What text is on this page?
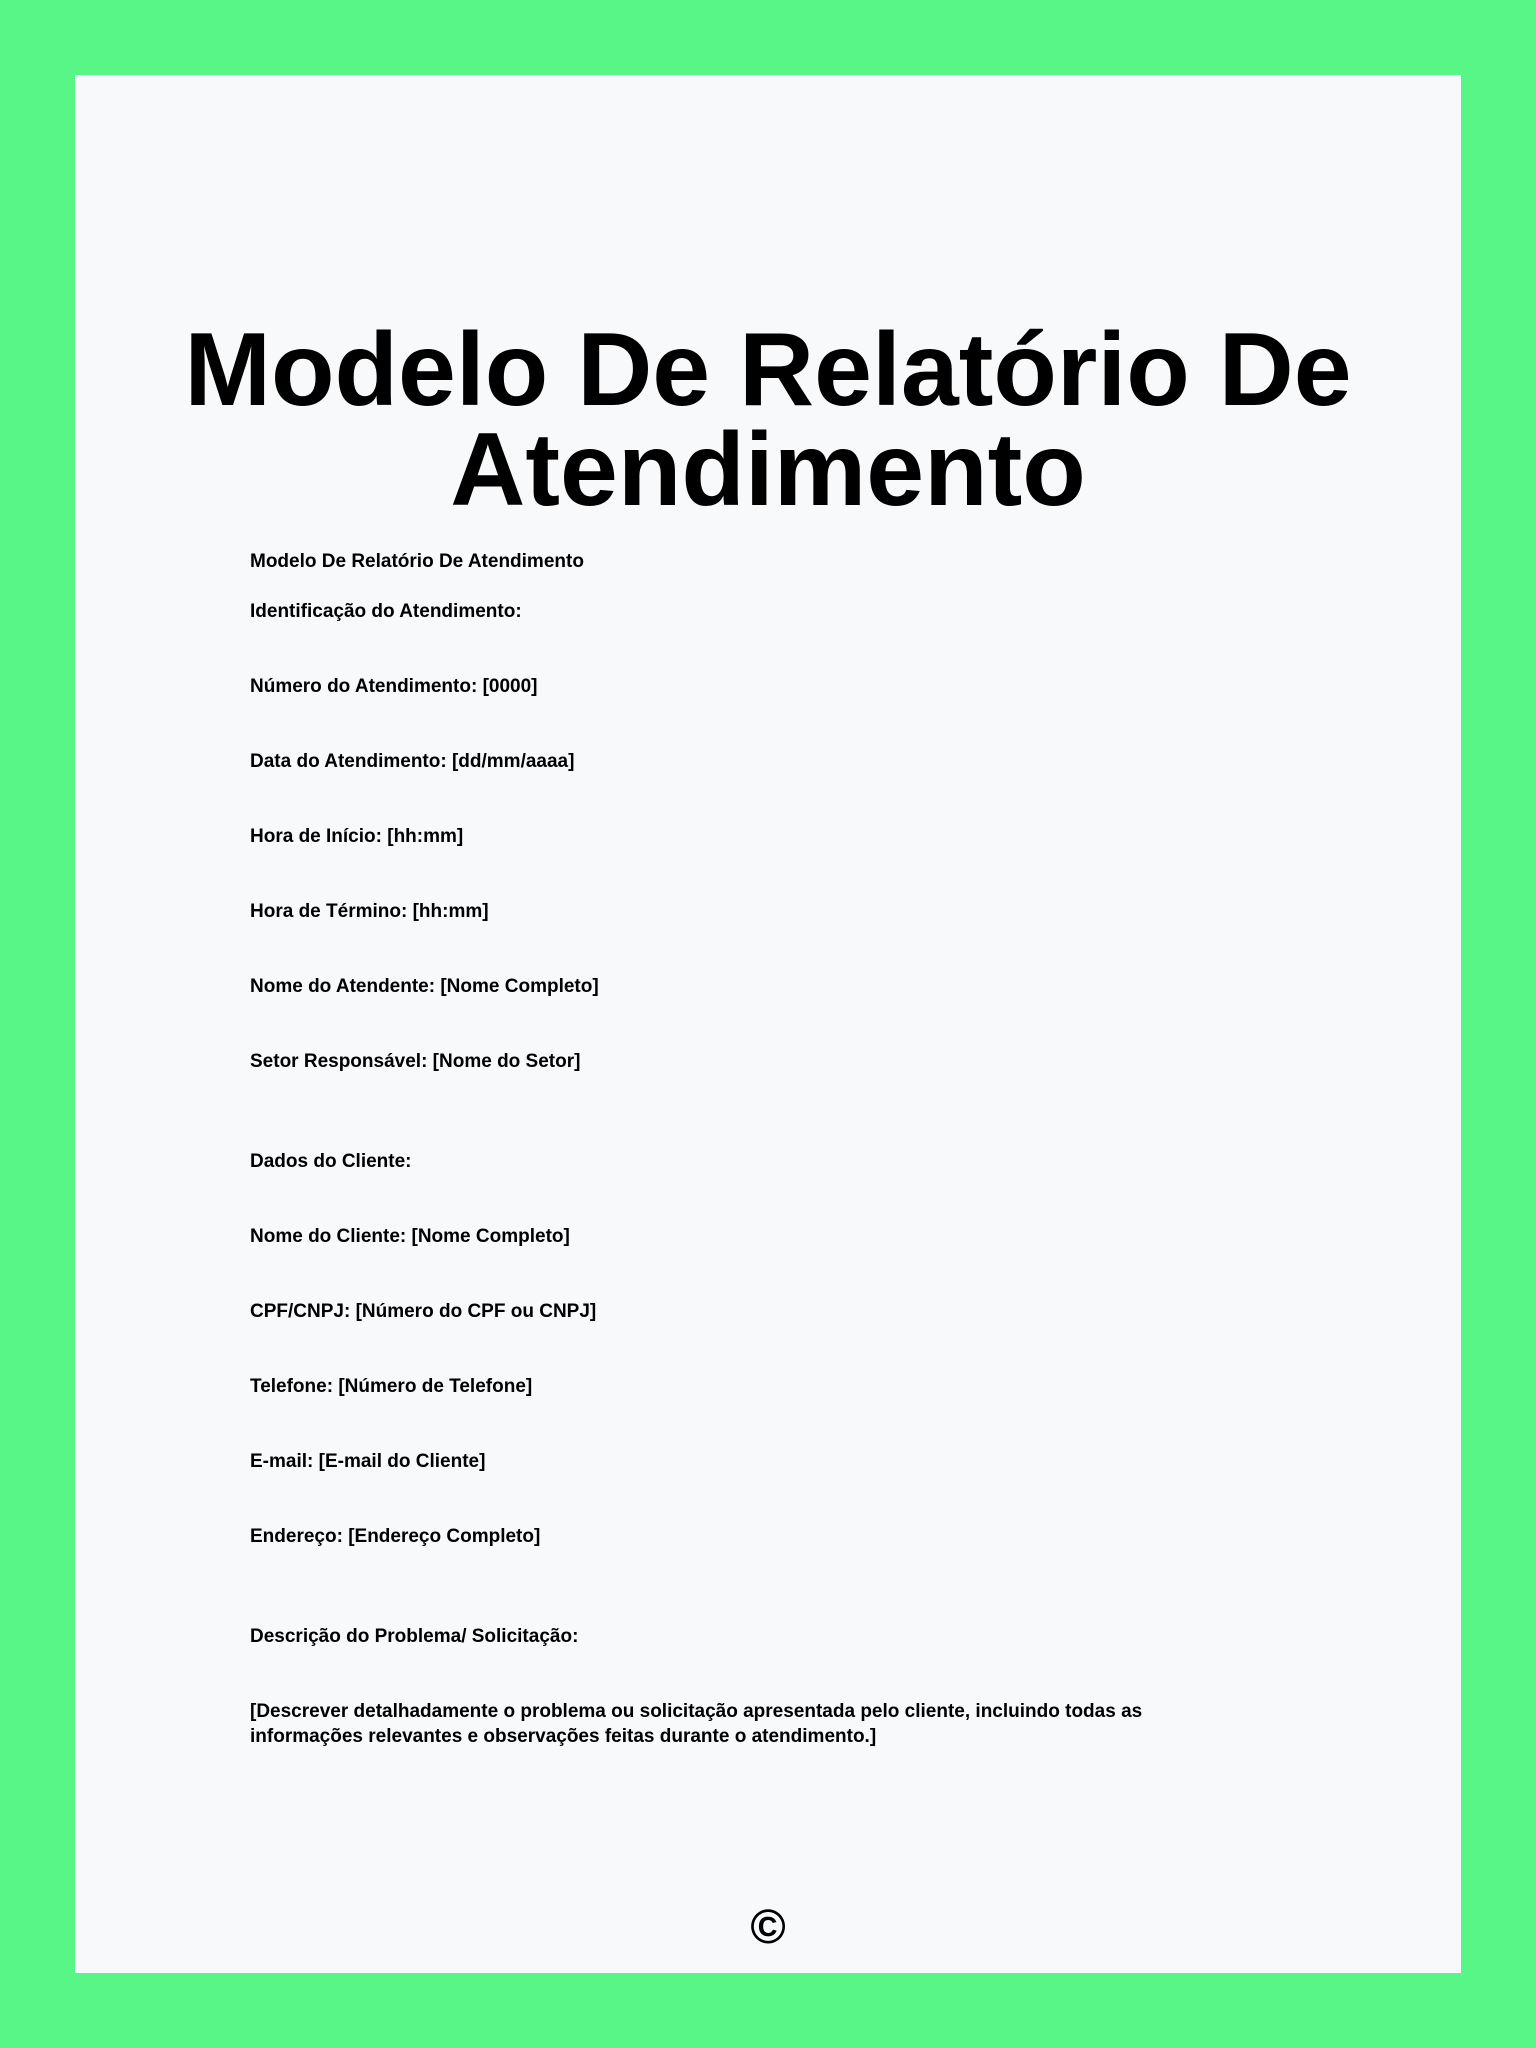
Modelo De Relatório De
Atendimento
Modelo De Relatório De Atendimento
Identificação do Atendimento:
Número do Atendimento: [0000]
Data do Atendimento: [dd/mm/aaaa]
Hora de Início: [hh:mm]
Hora de Término: [hh:mm]
Nome do Atendente: [Nome Completo]
Setor Responsável: [Nome do Setor]
Dados do Cliente:
Nome do Cliente: [Nome Completo]
CPF/CNPJ: [Número do CPF ou CNPJ]
Telefone: [Número de Telefone]
E-mail: [E-mail do Cliente]
Endereço: [Endereço Completo]
Descrição do Problema/ Solicitação:
[Descrever detalhadamente o problema ou solicitação apresentada pelo cliente, incluindo todas as
informações relevantes e observações feitas durante o atendimento.]
©
